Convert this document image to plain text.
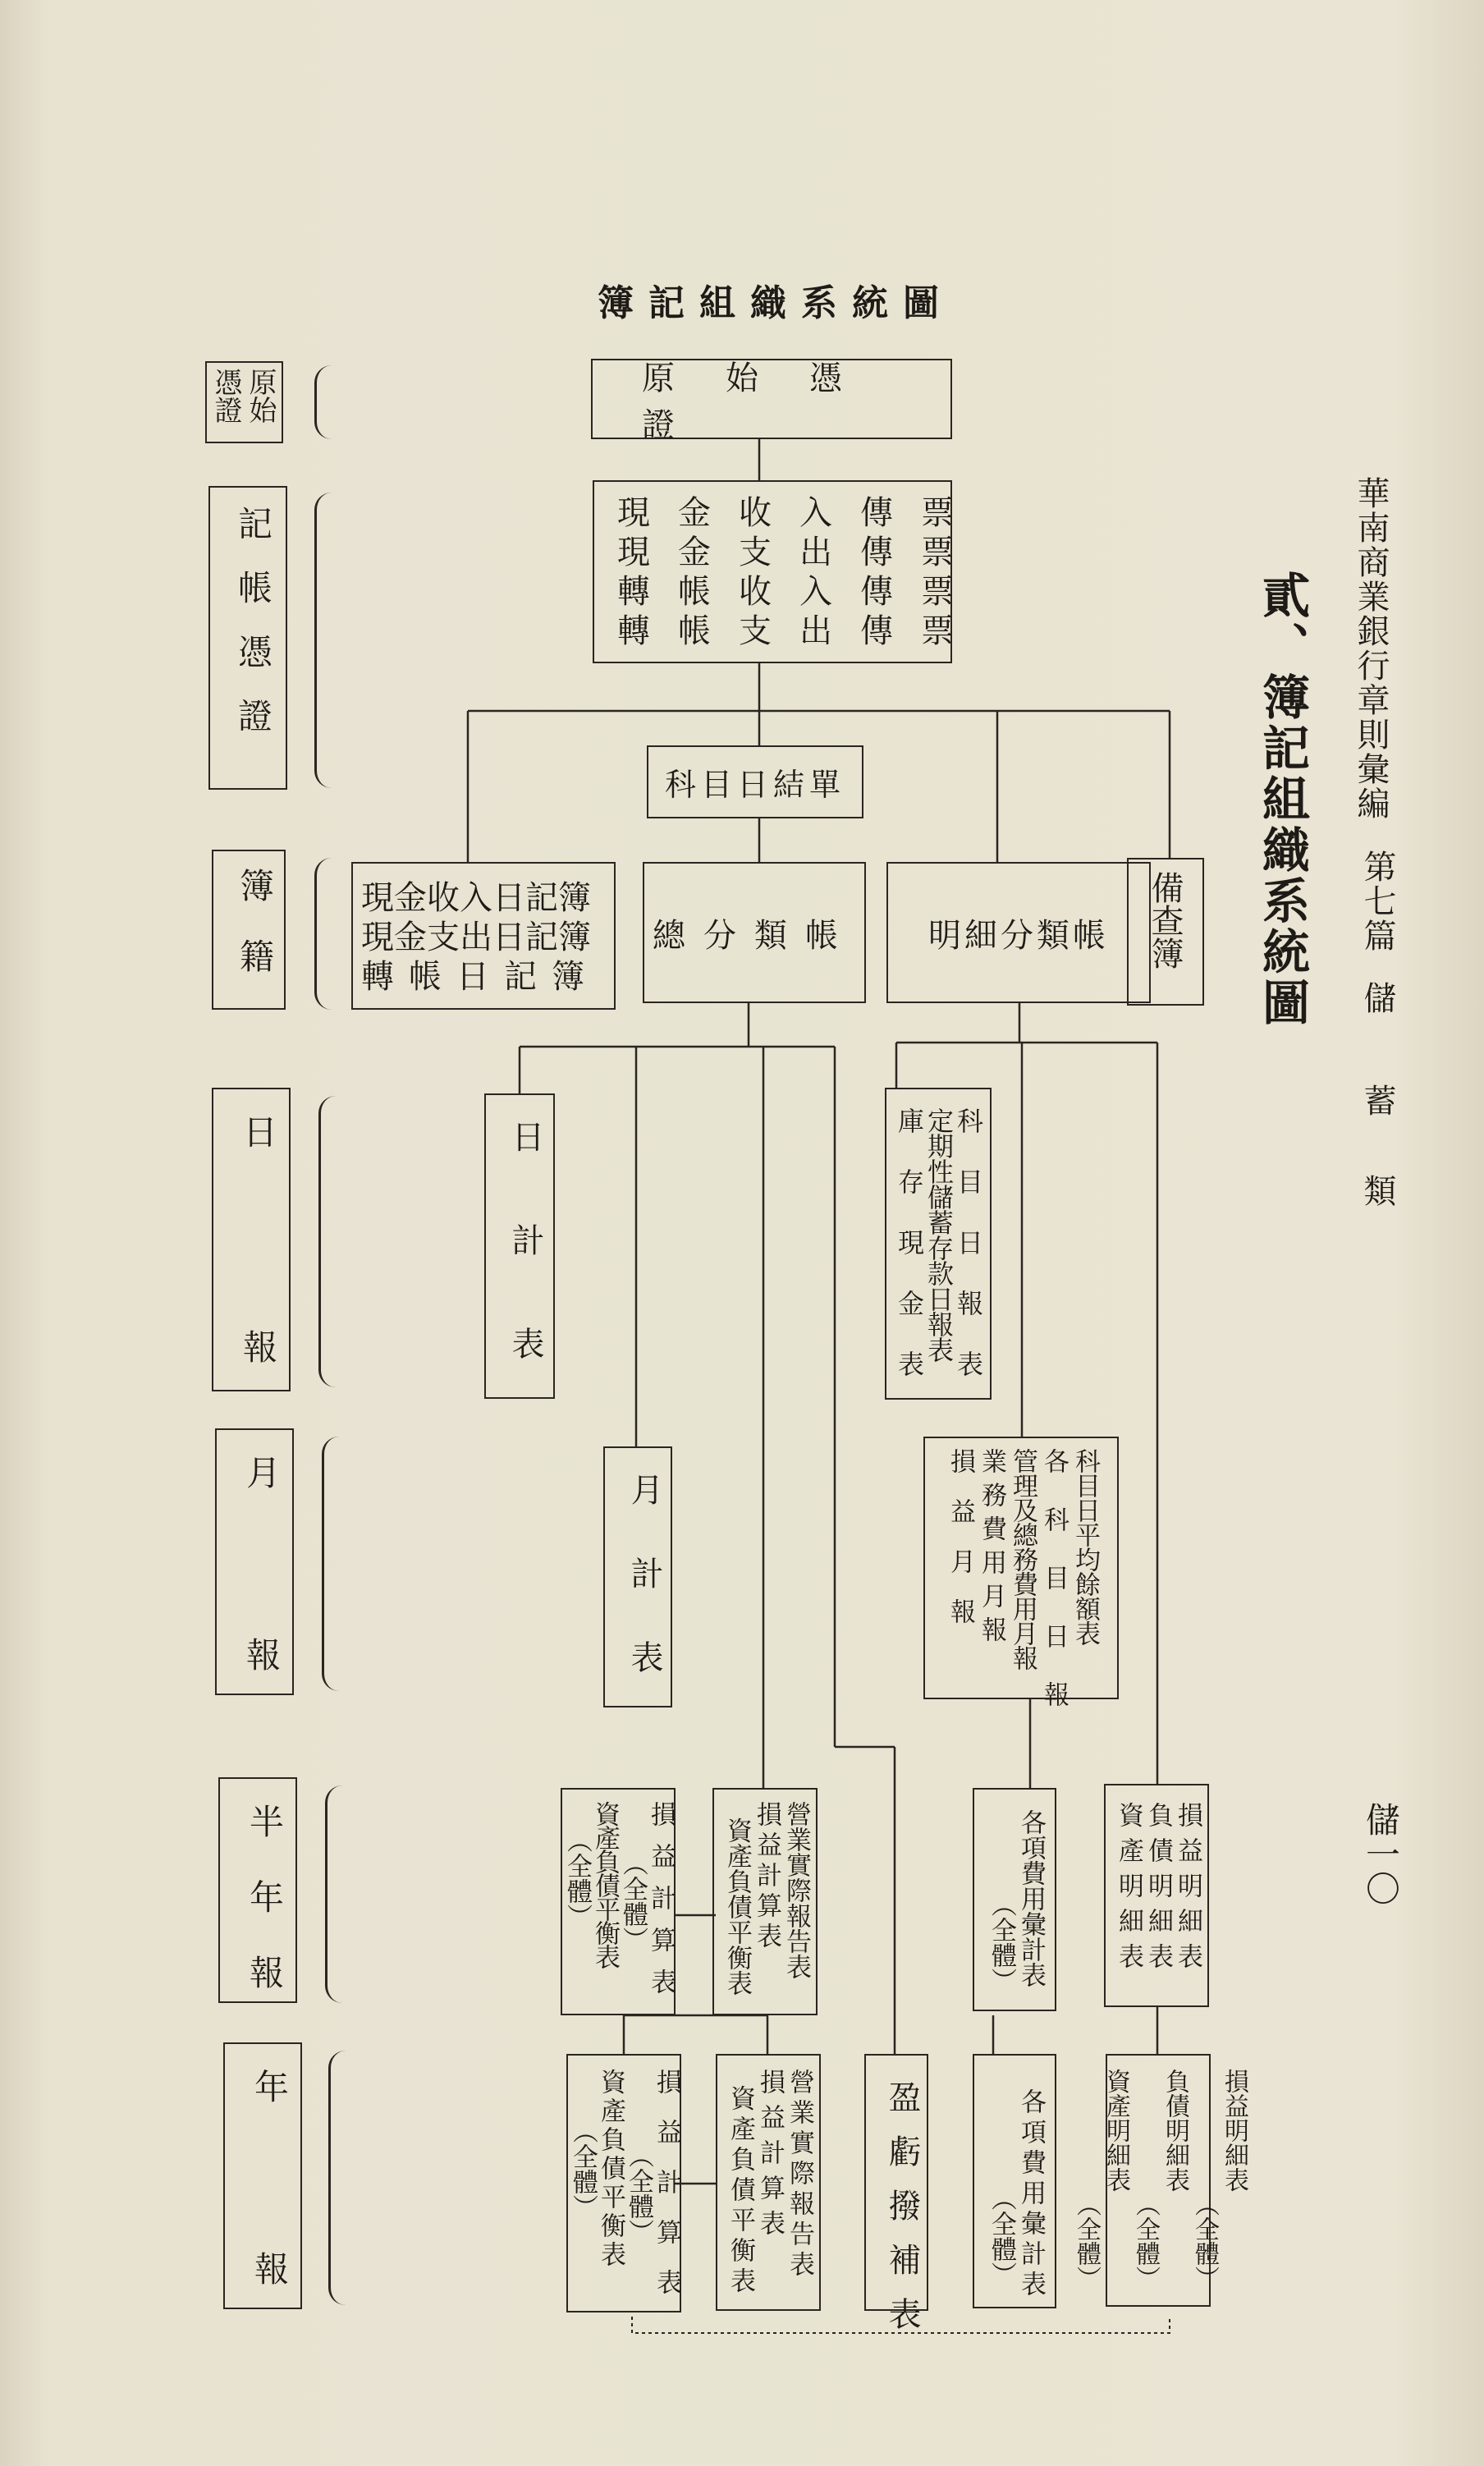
簿記組織系統圖
華南商業銀行章則彙編
第七篇
儲
蓄
類
貳、簿記組織系統圖
儲一〇
原始憑證
記帳憑證
簿籍
日報
月報
半年報
年報
原始憑證
現金收入傳票
現金支出傳票
轉帳收入傳票
轉帳支出傳票
科目日結單
現金收入日記簿
現金支出日記簿
轉帳日記簿
總分類帳	明細分類帳	備查簿
日計表	科目日報表
定期性儲蓄存款日報表
庫存現金表
月計表	科目日平均餘額表
各科目日報
管理及總務費用月報
業務費用月報
損益月報
損益計算表
（全體）
資產負債平衡表
（全體）	營業實際報告表
損益計算表
資產負債平衡表	各項費用彙計表
（全體）	損益明細表
負債明細表
資產明細表
損益計算表
（全體）
資產負債平衡表
（全體）	營業實際報告表
損益計算表
資產負債平衡表	盈虧撥補表	各項費用彙計表
（全體）
損益明細表
（全體）
負債明細表
（全體）
資產明細表
（全體）
